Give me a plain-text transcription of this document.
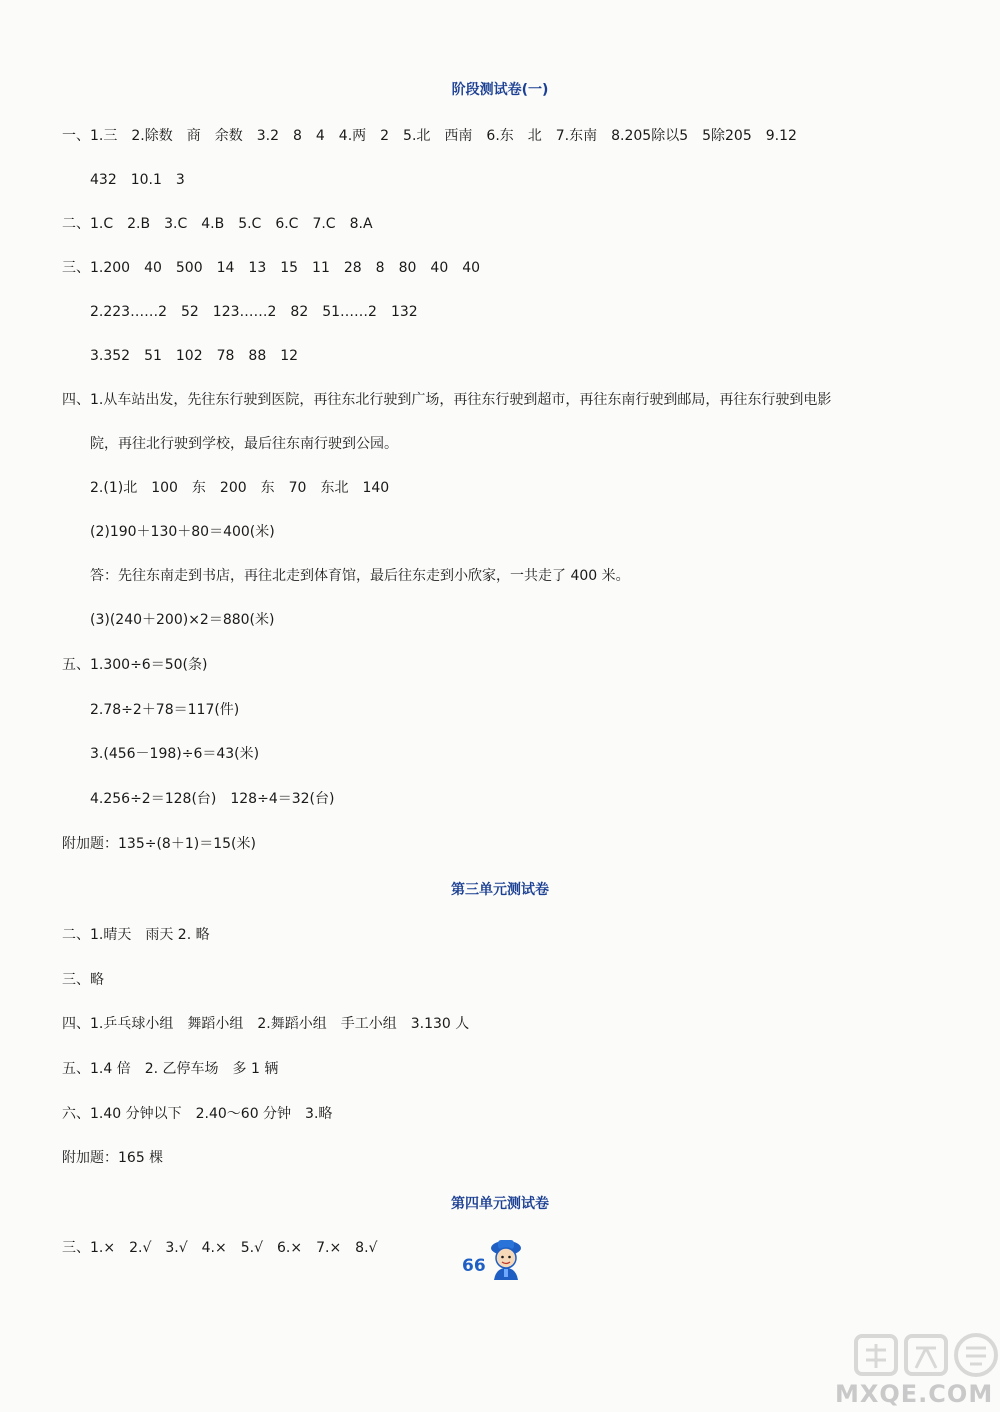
阶段测试卷(一)
一、1.三　2.除数　商　余数　3.2　8　4　4.两　2　5.北　西南　6.东　北　7.东南　8.205除以5　5除205　9.12
432　10.1　3
二、1.C　2.B　3.C　4.B　5.C　6.C　7.C　8.A
三、1.200　40　500　14　13　15　11　28　8　80　40　40
2.223……2　52　123……2　82　51……2　132
3.352　51　102　78　88　12
四、1.从车站出发，先往东行驶到医院，再往东北行驶到广场，再往东行驶到超市，再往东南行驶到邮局，再往东行驶到电影
院，再往北行驶到学校，最后往东南行驶到公园。
2.(1)北　100　东　200　东　70　东北　140
(2)190＋130＋80＝400(米)
答：先往东南走到书店，再往北走到体育馆，最后往东走到小欣家，一共走了 400 米。
(3)(240＋200)×2＝880(米)
五、1.300÷6＝50(条)
2.78÷2＋78＝117(件)
3.(456－198)÷6＝43(米)
4.256÷2＝128(台)　128÷4＝32(台)
附加题：135÷(8＋1)＝15(米)
第三单元测试卷
二、1.晴天　雨天 2. 略
三、略
四、1.乒乓球小组　舞蹈小组　2.舞蹈小组　手工小组　3.130 人
五、1.4 倍　2. 乙停车场　多 1 辆
六、1.40 分钟以下　2.40～60 分钟　3.略
附加题：165 棵
第四单元测试卷
三、1.×　2.√　3.√　4.×　5.√　6.×　7.×　8.√
66
MXQE.COM
